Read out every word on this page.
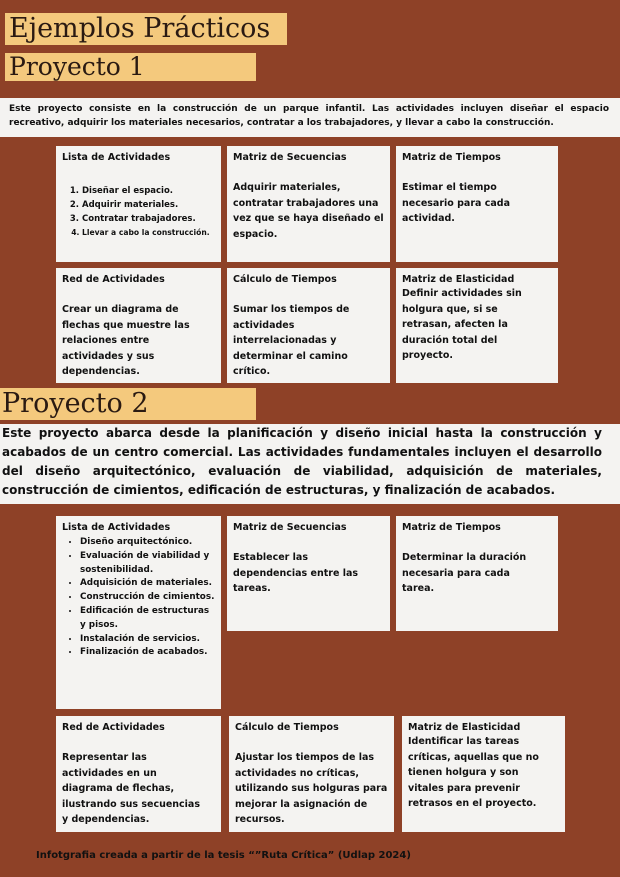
Ejemplos Prácticos
Proyecto 1
Este proyecto consiste en la construcción de un parque infantil. Las actividades incluyen diseñar el espacio recreativo, adquirir los materiales necesarios, contratar a los trabajadores, y llevar a cabo la construcción.
Lista de Actividades
1. Diseñar el espacio.
2. Adquirir materiales.
3. Contratar trabajadores.
4. Llevar a cabo la construcción.
Matriz de Secuencias
Adquirir materiales, contratar trabajadores una vez que se haya diseñado el espacio.
Matriz de Tiempos
Estimar el tiempo necesario para cada actividad.
Red de Actividades
Crear un diagrama de flechas que muestre las relaciones entre actividades y sus dependencias.
Cálculo de Tiempos
Sumar los tiempos de actividades interrelacionadas y determinar el camino crítico.
Matriz de Elasticidad
Definir actividades sin holgura que, si se retrasan, afecten la duración total del proyecto.
Proyecto 2
Este proyecto abarca desde la planificación y diseño inicial hasta la construcción y acabados de un centro comercial. Las actividades fundamentales incluyen el desarrollo del diseño arquitectónico, evaluación de viabilidad, adquisición de materiales, construcción de cimientos, edificación de estructuras, y finalización de acabados.
Lista de Actividades
• Diseño arquitectónico.
• Evaluación de viabilidad y sostenibilidad.
• Adquisición de materiales.
• Construcción de cimientos.
• Edificación de estructuras y pisos.
• Instalación de servicios.
• Finalización de acabados.
Matriz de Secuencias
Establecer las dependencias entre las tareas.
Matriz de Tiempos
Determinar la duración necesaria para cada tarea.
Red de Actividades
Representar las actividades en un diagrama de flechas, ilustrando sus secuencias y dependencias.
Cálculo de Tiempos
Ajustar los tiempos de las actividades no críticas, utilizando sus holguras para mejorar la asignación de recursos.
Matriz de Elasticidad
Identificar las tareas críticas, aquellas que no tienen holgura y son vitales para prevenir retrasos en el proyecto.
Infotgrafia creada a partir de la tesis “”Ruta Crítica” (Udlap 2024)
